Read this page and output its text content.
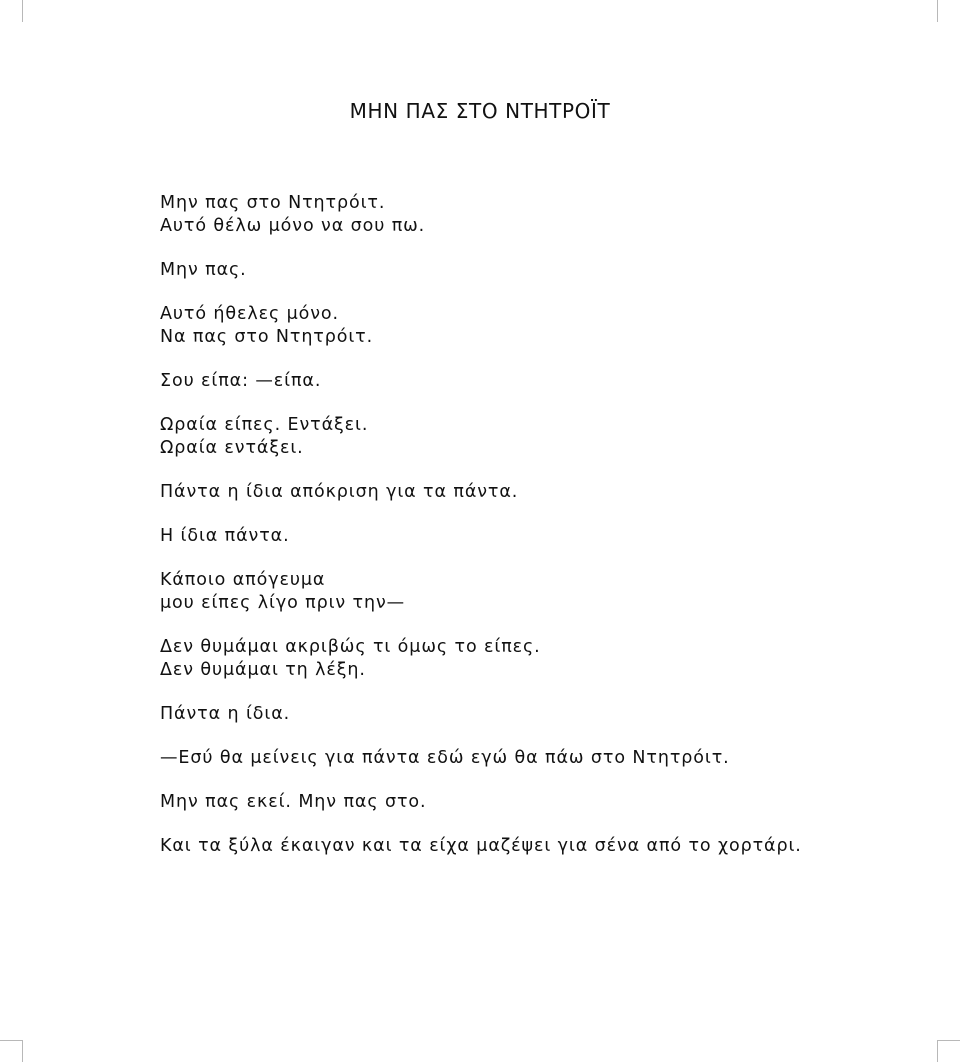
ΜΗΝ ΠΑΣ ΣΤΟ ΝΤΗΤΡΟΪΤ
Μην πας στο Ντητρόιτ.
Αυτό θέλω μόνο να σου πω.
Μην πας.
Αυτό ήθελες μόνο.
Να πας στο Ντητρόιτ.
Σου είπα: —είπα.
Ωραία είπες. Εντάξει.
Ωραία εντάξει.
Πάντα η ίδια απόκριση για τα πάντα.
Η ίδια πάντα.
Κάποιο απόγευμα
μου είπες λίγο πριν την—
Δεν θυμάμαι ακριβώς τι όμως το είπες.
Δεν θυμάμαι τη λέξη.
Πάντα η ίδια.
—Εσύ θα μείνεις για πάντα εδώ εγώ θα πάω στο Ντητρόιτ.
Μην πας εκεί. Μην πας στο.
Και τα ξύλα έκαιγαν και τα είχα μαζέψει για σένα από το χορτάρι.
